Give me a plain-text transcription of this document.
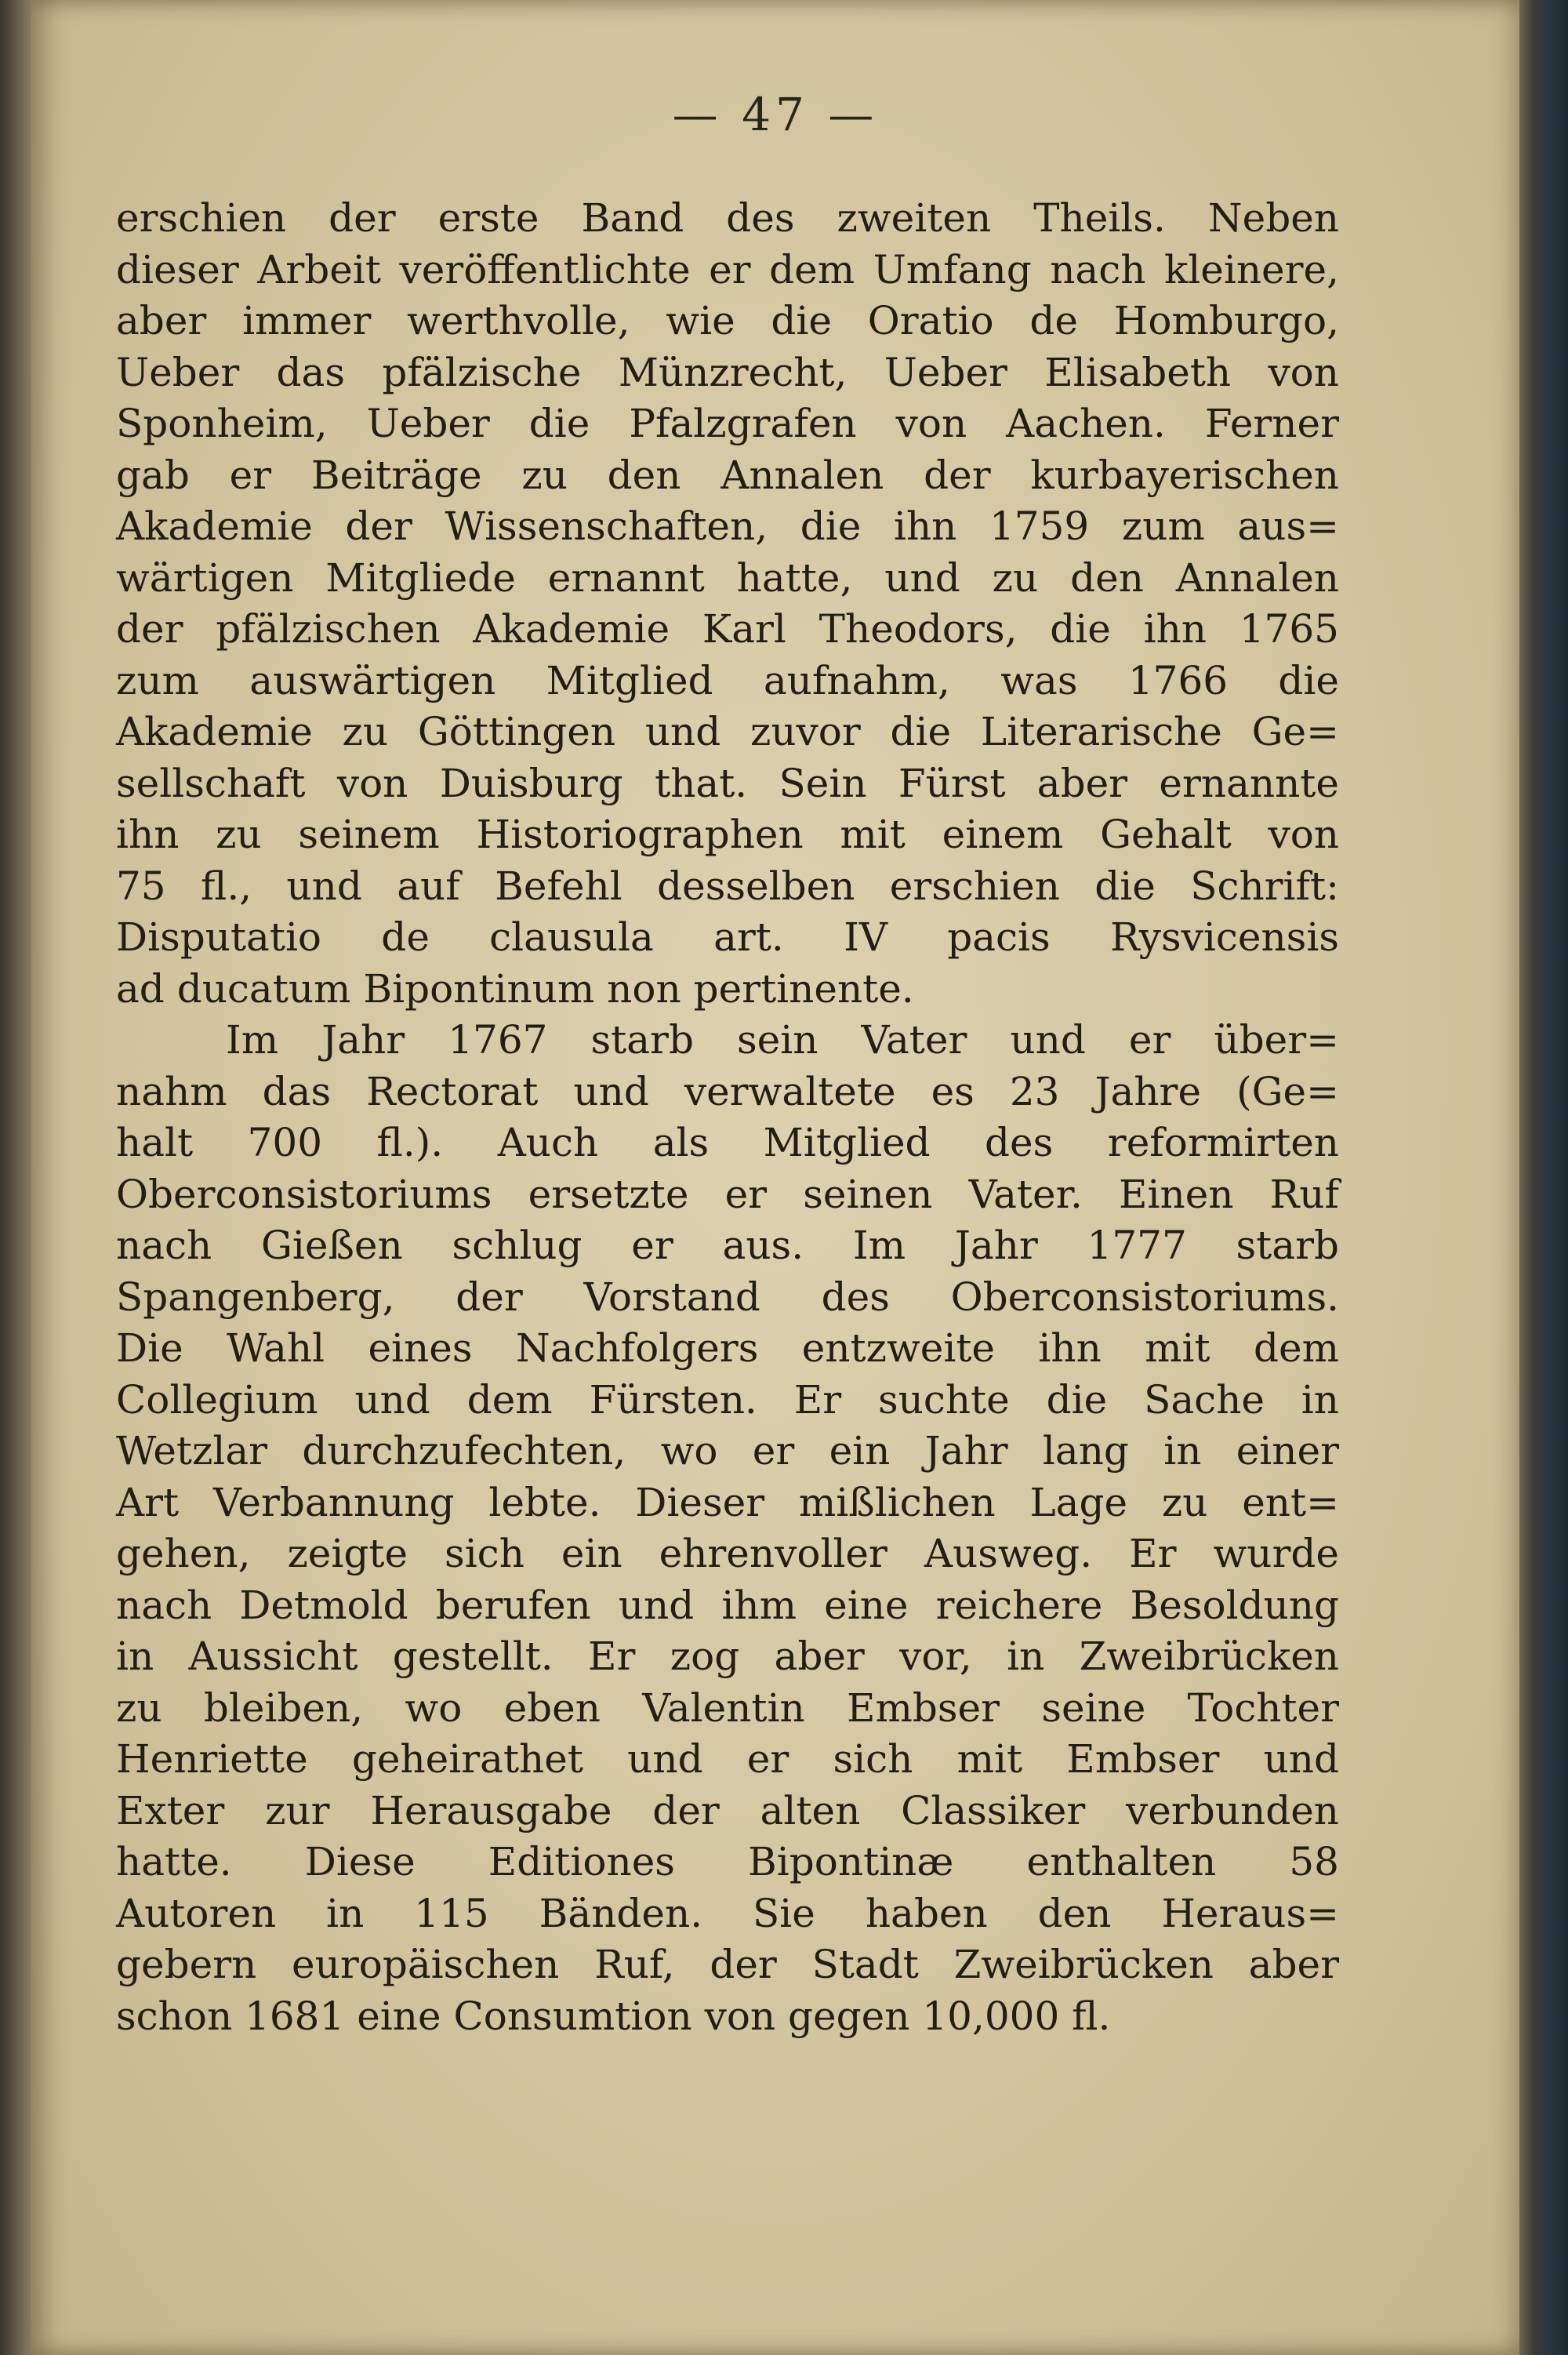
— 47 —
erschien der erste Band des zweiten Theils. Neben
dieser Arbeit veröffentlichte er dem Umfang nach kleinere,
aber immer werthvolle, wie die Oratio de Homburgo,
Ueber das pfälzische Münzrecht, Ueber Elisabeth von
Sponheim, Ueber die Pfalzgrafen von Aachen. Ferner
gab er Beiträge zu den Annalen der kurbayerischen
Akademie der Wissenschaften, die ihn 1759 zum aus=
wärtigen Mitgliede ernannt hatte, und zu den Annalen
der pfälzischen Akademie Karl Theodors, die ihn 1765
zum auswärtigen Mitglied aufnahm, was 1766 die
Akademie zu Göttingen und zuvor die Literarische Ge=
sellschaft von Duisburg that. Sein Fürst aber ernannte
ihn zu seinem Historiographen mit einem Gehalt von
75 fl., und auf Befehl desselben erschien die Schrift:
Disputatio de clausula art. IV pacis Rysvicensis
ad ducatum Bipontinum non pertinente.
Im Jahr 1767 starb sein Vater und er über=
nahm das Rectorat und verwaltete es 23 Jahre (Ge=
halt 700 fl.). Auch als Mitglied des reformirten
Oberconsistoriums ersetzte er seinen Vater. Einen Ruf
nach Gießen schlug er aus. Im Jahr 1777 starb
Spangenberg, der Vorstand des Oberconsistoriums.
Die Wahl eines Nachfolgers entzweite ihn mit dem
Collegium und dem Fürsten. Er suchte die Sache in
Wetzlar durchzufechten, wo er ein Jahr lang in einer
Art Verbannung lebte. Dieser mißlichen Lage zu ent=
gehen, zeigte sich ein ehrenvoller Ausweg. Er wurde
nach Detmold berufen und ihm eine reichere Besoldung
in Aussicht gestellt. Er zog aber vor, in Zweibrücken
zu bleiben, wo eben Valentin Embser seine Tochter
Henriette geheirathet und er sich mit Embser und
Exter zur Herausgabe der alten Classiker verbunden
hatte. Diese Editiones Bipontinæ enthalten 58
Autoren in 115 Bänden. Sie haben den Heraus=
gebern europäischen Ruf, der Stadt Zweibrücken aber
schon 1681 eine Consumtion von gegen 10,000 fl.
